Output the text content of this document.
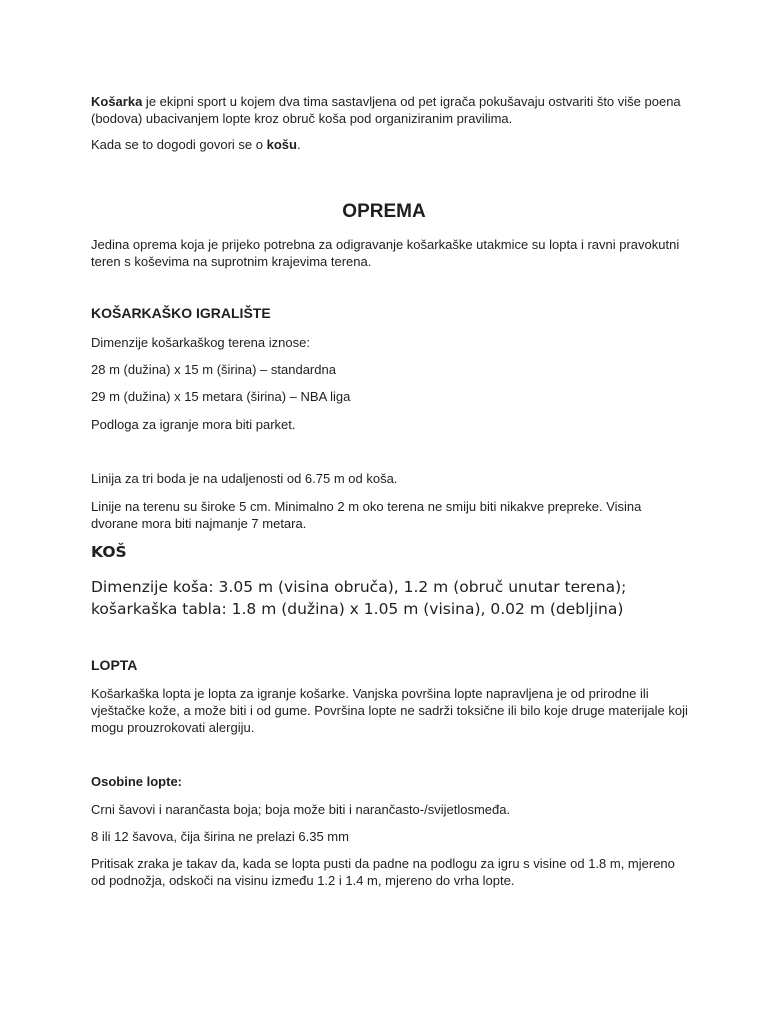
Košarka je ekipni sport u kojem dva tima sastavljena od pet igrača pokušavaju ostvariti što više poena (bodova) ubacivanjem lopte kroz obruč koša pod organiziranim pravilima.

Kada se to dogodi govori se o košu.

OPREMA

Jedina oprema koja je prijeko potrebna za odigravanje košarkaške utakmice su lopta i ravni pravokutni teren s koševima na suprotnim krajevima terena.

KOŠARKAŠKO IGRALIŠTE

Dimenzije košarkaškog terena iznose:

28 m (dužina) x 15 m (širina) – standardna

29 m (dužina) x 15 metara (širina) – NBA liga

Podloga za igranje mora biti parket.

Linija za tri boda je na udaljenosti od 6.75 m od koša.

Linije na terenu su široke 5 cm. Minimalno 2 m oko terena ne smiju biti nikakve prepreke. Visina dvorane mora biti najmanje 7 metara.

KOŠ

Dimenzije koša: 3.05 m (visina obruča), 1.2 m (obruč unutar terena); košarkaška tabla: 1.8 m (dužina) x 1.05 m (visina), 0.02 m (debljina)

LOPTA

Košarkaška lopta je lopta za igranje košarke. Vanjska površina lopte napravljena je od prirodne ili vještačke kože, a može biti i od gume. Površina lopte ne sadrži toksične ili bilo koje druge materijale koji mogu prouzrokovati alergiju.

Osobine lopte:

Crni šavovi i narančasta boja; boja može biti i narančasto-/svijetlosmeđa.

8 ili 12 šavova, čija širina ne prelazi 6.35 mm

Pritisak zraka je takav da, kada se lopta pusti da padne na podlogu za igru s visine od 1.8 m, mjereno od podnožja, odskoči na visinu između 1.2 i 1.4 m, mjereno do vrha lopte.
